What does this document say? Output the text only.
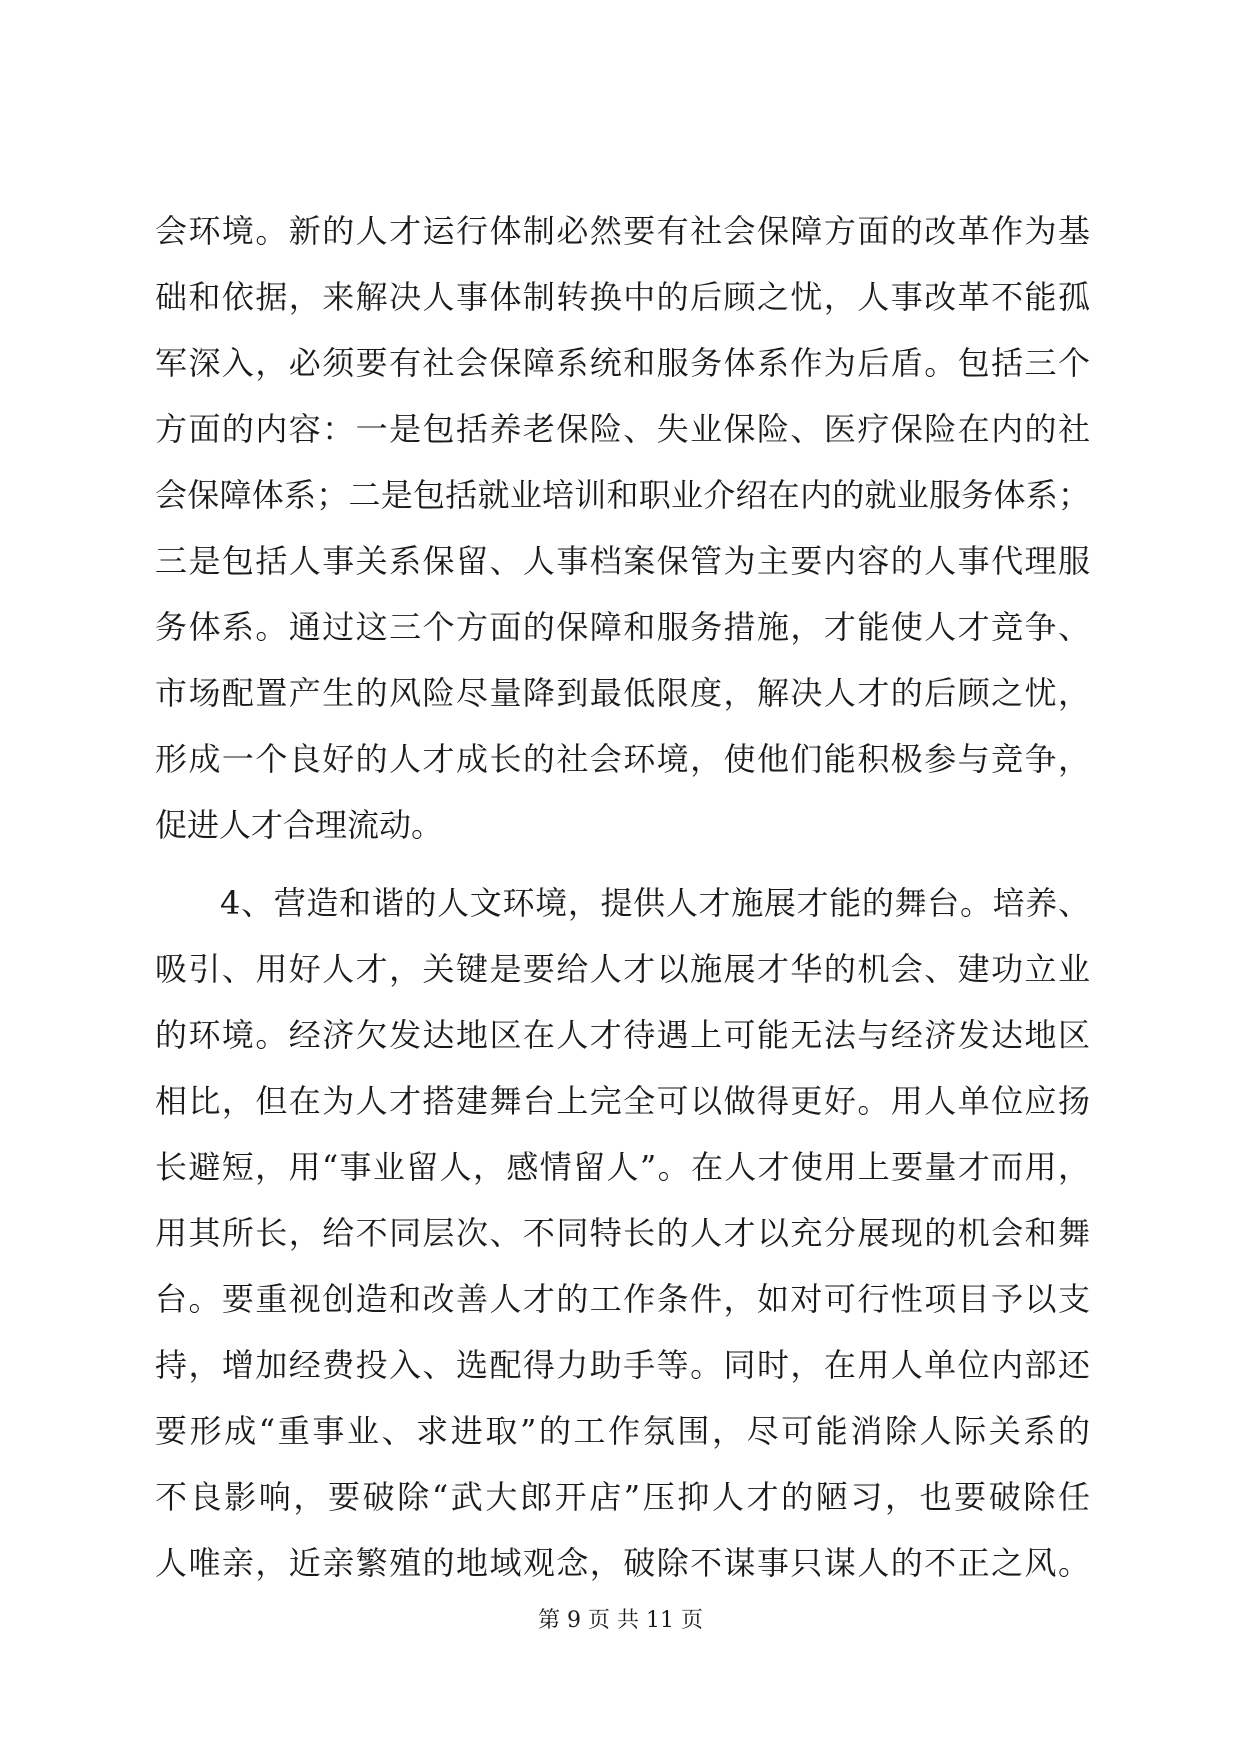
会环境。新的人才运行体制必然要有社会保障方面的改革作为基
础和依据，来解决人事体制转换中的后顾之忧，人事改革不能孤
军深入，必须要有社会保障系统和服务体系作为后盾。包括三个
方面的内容：一是包括养老保险、失业保险、医疗保险在内的社
会保障体系；二是包括就业培训和职业介绍在内的就业服务体系；
三是包括人事关系保留、人事档案保管为主要内容的人事代理服
务体系。通过这三个方面的保障和服务措施，才能使人才竞争、
市场配置产生的风险尽量降到最低限度，解决人才的后顾之忧，
形成一个良好的人才成长的社会环境，使他们能积极参与竞争，
促进人才合理流动。
4、营造和谐的人文环境，提供人才施展才能的舞台。培养、
吸引、用好人才，关键是要给人才以施展才华的机会、建功立业
的环境。经济欠发达地区在人才待遇上可能无法与经济发达地区
相比，但在为人才搭建舞台上完全可以做得更好。用人单位应扬
长避短，用“事业留人，感情留人”。在人才使用上要量才而用，
用其所长，给不同层次、不同特长的人才以充分展现的机会和舞
台。要重视创造和改善人才的工作条件，如对可行性项目予以支
持，增加经费投入、选配得力助手等。同时，在用人单位内部还
要形成“重事业、求进取”的工作氛围，尽可能消除人际关系的
不良影响，要破除“武大郎开店”压抑人才的陋习，也要破除任
人唯亲，近亲繁殖的地域观念，破除不谋事只谋人的不正之风。
第 9 页 共 11 页
